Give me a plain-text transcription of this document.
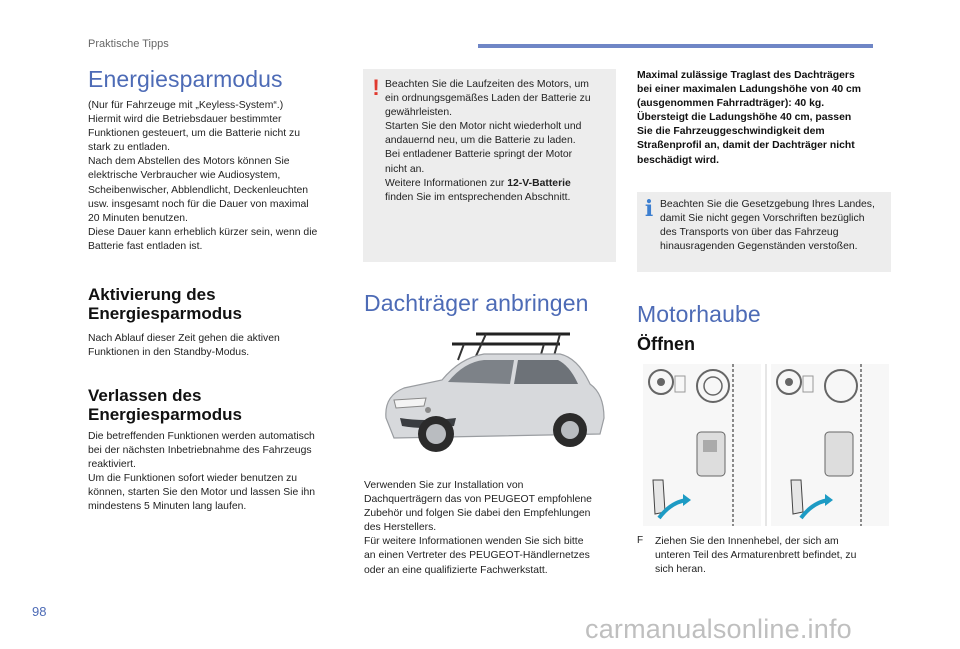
Praktische Tipps
Energiesparmodus
(Nur für Fahrzeuge mit „Keyless-System“.)
Hiermit wird die Betriebsdauer bestimmter
Funktionen gesteuert, um die Batterie nicht zu
stark zu entladen.
Nach dem Abstellen des Motors können Sie
elektrische Verbraucher wie Audiosystem,
Scheibenwischer, Abblendlicht, Deckenleuchten
usw. insgesamt noch für die Dauer von maximal
20 Minuten benutzen.
Diese Dauer kann erheblich kürzer sein, wenn die
Batterie fast entladen ist.
Aktivierung des
Energiesparmodus
Nach Ablauf dieser Zeit gehen die aktiven
Funktionen in den Standby-Modus.
Verlassen des
Energiesparmodus
Die betreffenden Funktionen werden automatisch
bei der nächsten Inbetriebnahme des Fahrzeugs
reaktiviert.
Um die Funktionen sofort wieder benutzen zu
können, starten Sie den Motor und lassen Sie ihn
mindestens 5 Minuten lang laufen.
! Beachten Sie die Laufzeiten des Motors, um
ein ordnungsgemäßes Laden der Batterie zu
gewährleisten.
Starten Sie den Motor nicht wiederholt und
andauernd neu, um die Batterie zu laden.
Bei entladener Batterie springt der Motor
nicht an.
Weitere Informationen zur 12-V-Batterie
finden Sie im entsprechenden Abschnitt.
Dachträger anbringen
Verwenden Sie zur Installation von
Dachquerträgern das von PEUGEOT empfohlene
Zubehör und folgen Sie dabei den Empfehlungen
des Herstellers.
Für weitere Informationen wenden Sie sich bitte
an einen Vertreter des PEUGEOT-Händlernetzes
oder an eine qualifizierte Fachwerkstatt.
Maximal zulässige Traglast des Dachträgers
bei einer maximalen Ladungshöhe von 40 cm
(ausgenommen Fahrradträger): 40 kg.
Übersteigt die Ladungshöhe 40 cm, passen
Sie die Fahrzeuggeschwindigkeit dem
Straßenprofil an, damit der Dachträger nicht
beschädigt wird.
i Beachten Sie die Gesetzgebung Ihres Landes,
damit Sie nicht gegen Vorschriften bezüglich
des Transports von über das Fahrzeug
hinausragenden Gegenständen verstoßen.
Motorhaube
Öffnen
F Ziehen Sie den Innenhebel, der sich am
unteren Teil des Armaturenbrett befindet, zu
sich heran.
98
carmanualsonline.info
